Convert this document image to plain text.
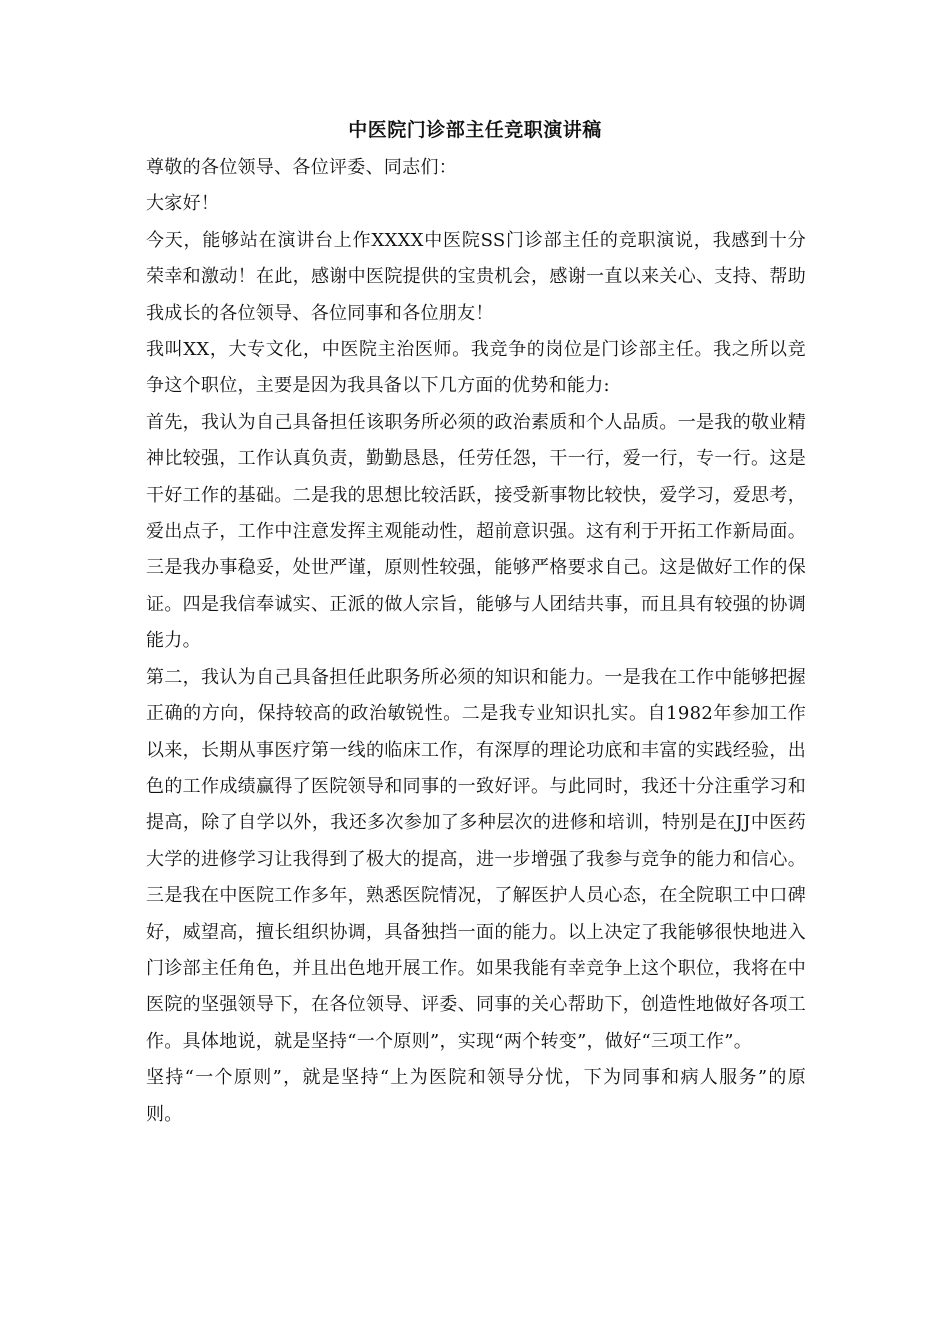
中医院门诊部主任竞职演讲稿

尊敬的各位领导、各位评委、同志们：

大家好！

今天，能够站在演讲台上作XXXX中医院SS门诊部主任的竞职演说，我感到十分荣幸和激动！在此，感谢中医院提供的宝贵机会，感谢一直以来关心、支持、帮助我成长的各位领导、各位同事和各位朋友！

我叫XX，大专文化，中医院主治医师。我竞争的岗位是门诊部主任。我之所以竞争这个职位，主要是因为我具备以下几方面的优势和能力:

首先，我认为自己具备担任该职务所必须的政治素质和个人品质。一是我的敬业精神比较强，工作认真负责，勤勤恳恳，任劳任怨，干一行，爱一行，专一行。这是干好工作的基础。二是我的思想比较活跃，接受新事物比较快，爱学习，爱思考，爱出点子，工作中注意发挥主观能动性，超前意识强。这有利于开拓工作新局面。三是我办事稳妥，处世严谨，原则性较强，能够严格要求自己。这是做好工作的保证。四是我信奉诚实、正派的做人宗旨，能够与人团结共事，而且具有较强的协调能力。

第二，我认为自己具备担任此职务所必须的知识和能力。一是我在工作中能够把握正确的方向，保持较高的政治敏锐性。二是我专业知识扎实。自1982年参加工作以来，长期从事医疗第一线的临床工作，有深厚的理论功底和丰富的实践经验，出色的工作成绩赢得了医院领导和同事的一致好评。与此同时，我还十分注重学习和提高，除了自学以外，我还多次参加了多种层次的进修和培训，特别是在JJ中医药大学的进修学习让我得到了极大的提高，进一步增强了我参与竞争的能力和信心。三是我在中医院工作多年，熟悉医院情况，了解医护人员心态，在全院职工中口碑好，威望高，擅长组织协调，具备独挡一面的能力。以上决定了我能够很快地进入门诊部主任角色，并且出色地开展工作。如果我能有幸竞争上这个职位，我将在中医院的坚强领导下，在各位领导、评委、同事的关心帮助下，创造性地做好各项工作。具体地说，就是坚持“一个原则”，实现“两个转变”，做好“三项工作”。

坚持“一个原则”，就是坚持“上为医院和领导分忧，下为同事和病人服务”的原则。
